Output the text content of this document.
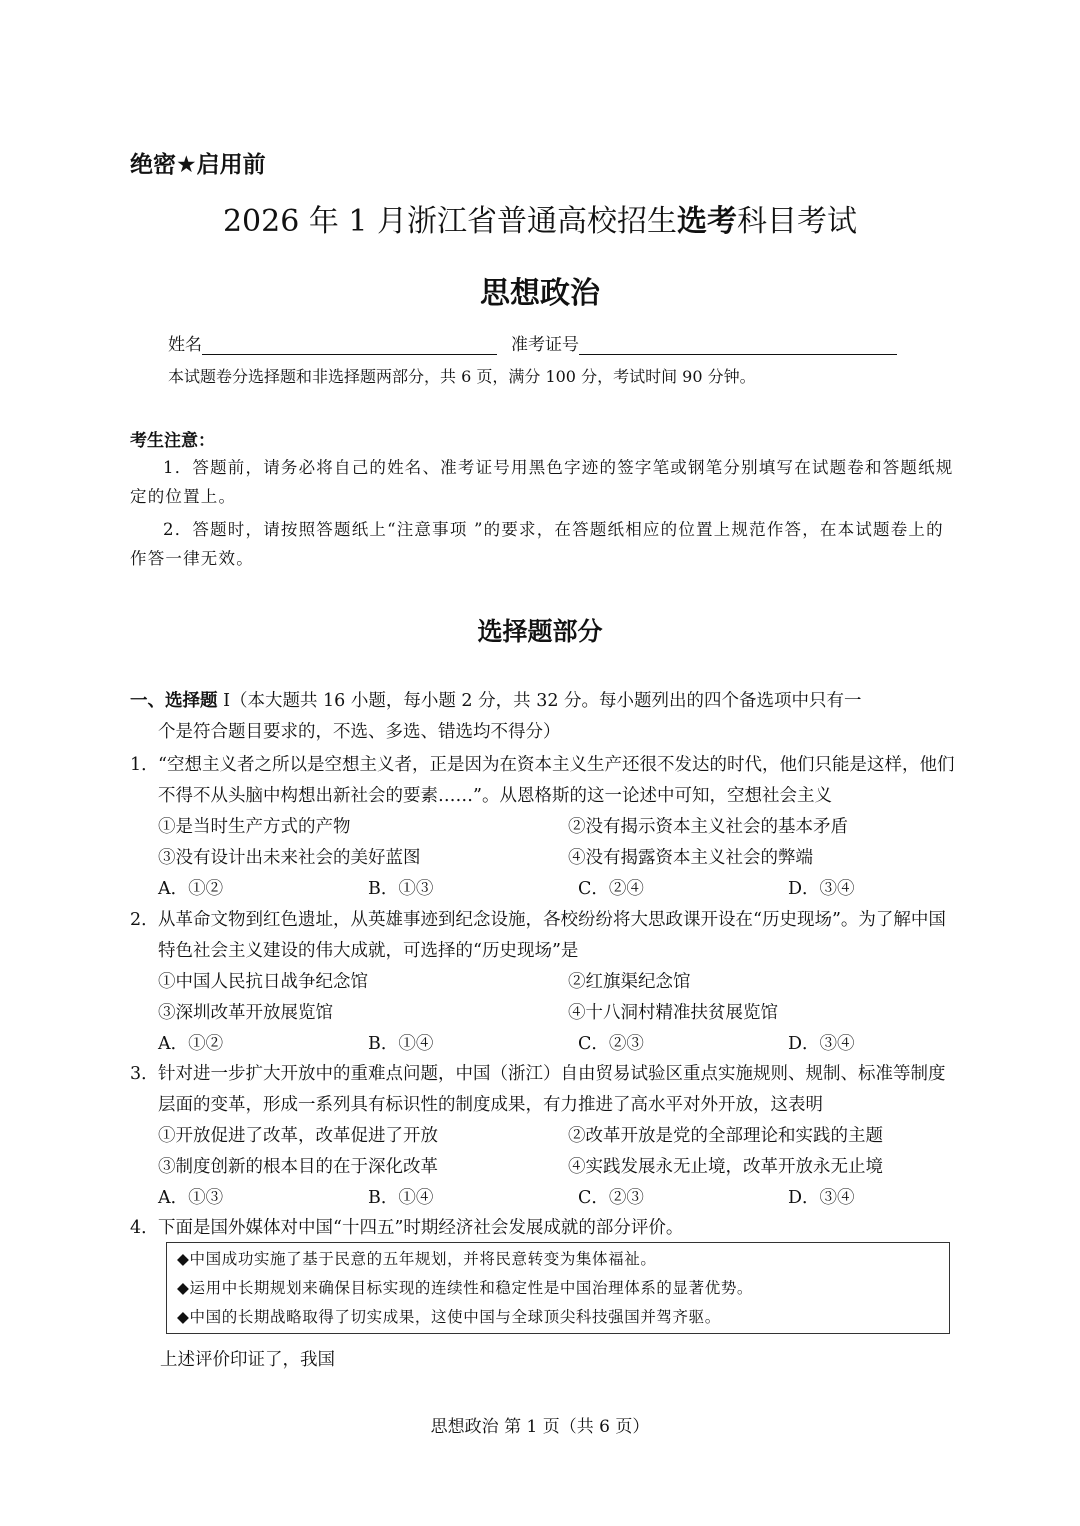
绝密★启用前
2026 年 1 月浙江省普通高校招生选考科目考试
思想政治
姓名	准考证号
本试题卷分选择题和非选择题两部分，共 6 页，满分 100 分，考试时间 90 分钟。
考生注意：
1．答题前，请务必将自己的姓名、准考证号用黑色字迹的签字笔或钢笔分别填写在试题卷和答题纸规定的位置上。
2．答题时，请按照答题纸上“注意事项 ”的要求，在答题纸相应的位置上规范作答，在本试题卷上的作答一律无效。
选择题部分
一、选择题 Ⅰ（本大题共 16 小题，每小题 2 分，共 32 分。每小题列出的四个备选项中只有一
个是符合题目要求的，不选、多选、错选均不得分）
1． “空想主义者之所以是空想主义者，正是因为在资本主义生产还很不发达的时代，他们只能是这样，他们不得不从头脑中构想出新社会的要素……”。从恩格斯的这一论述中可知，空想社会主义
①是当时生产方式的产物	②没有揭示资本主义社会的基本矛盾
③没有设计出未来社会的美好蓝图	④没有揭露资本主义社会的弊端
A．①②	B．①③	C．②④	D．③④
2． 从革命文物到红色遗址，从英雄事迹到纪念设施，各校纷纷将大思政课开设在“历史现场”。为了解中国特色社会主义建设的伟大成就，可选择的“历史现场”是
①中国人民抗日战争纪念馆	②红旗渠纪念馆
③深圳改革开放展览馆	④十八洞村精准扶贫展览馆
A．①②	B．①④	C．②③	D．③④
3． 针对进一步扩大开放中的重难点问题，中国（浙江）自由贸易试验区重点实施规则、规制、标准等制度层面的变革，形成一系列具有标识性的制度成果，有力推进了高水平对外开放，这表明
①开放促进了改革，改革促进了开放	②改革开放是党的全部理论和实践的主题
③制度创新的根本目的在于深化改革	④实践发展永无止境，改革开放永无止境
A．①③	B．①④	C．②③	D．③④
4． 下面是国外媒体对中国“十四五”时期经济社会发展成就的部分评价。
◆中国成功实施了基于民意的五年规划，并将民意转变为集体福祉。
◆运用中长期规划来确保目标实现的连续性和稳定性是中国治理体系的显著优势。
◆中国的长期战略取得了切实成果，这使中国与全球顶尖科技强国并驾齐驱。
上述评价印证了，我国
思想政治 第 1 页（共 6 页）
